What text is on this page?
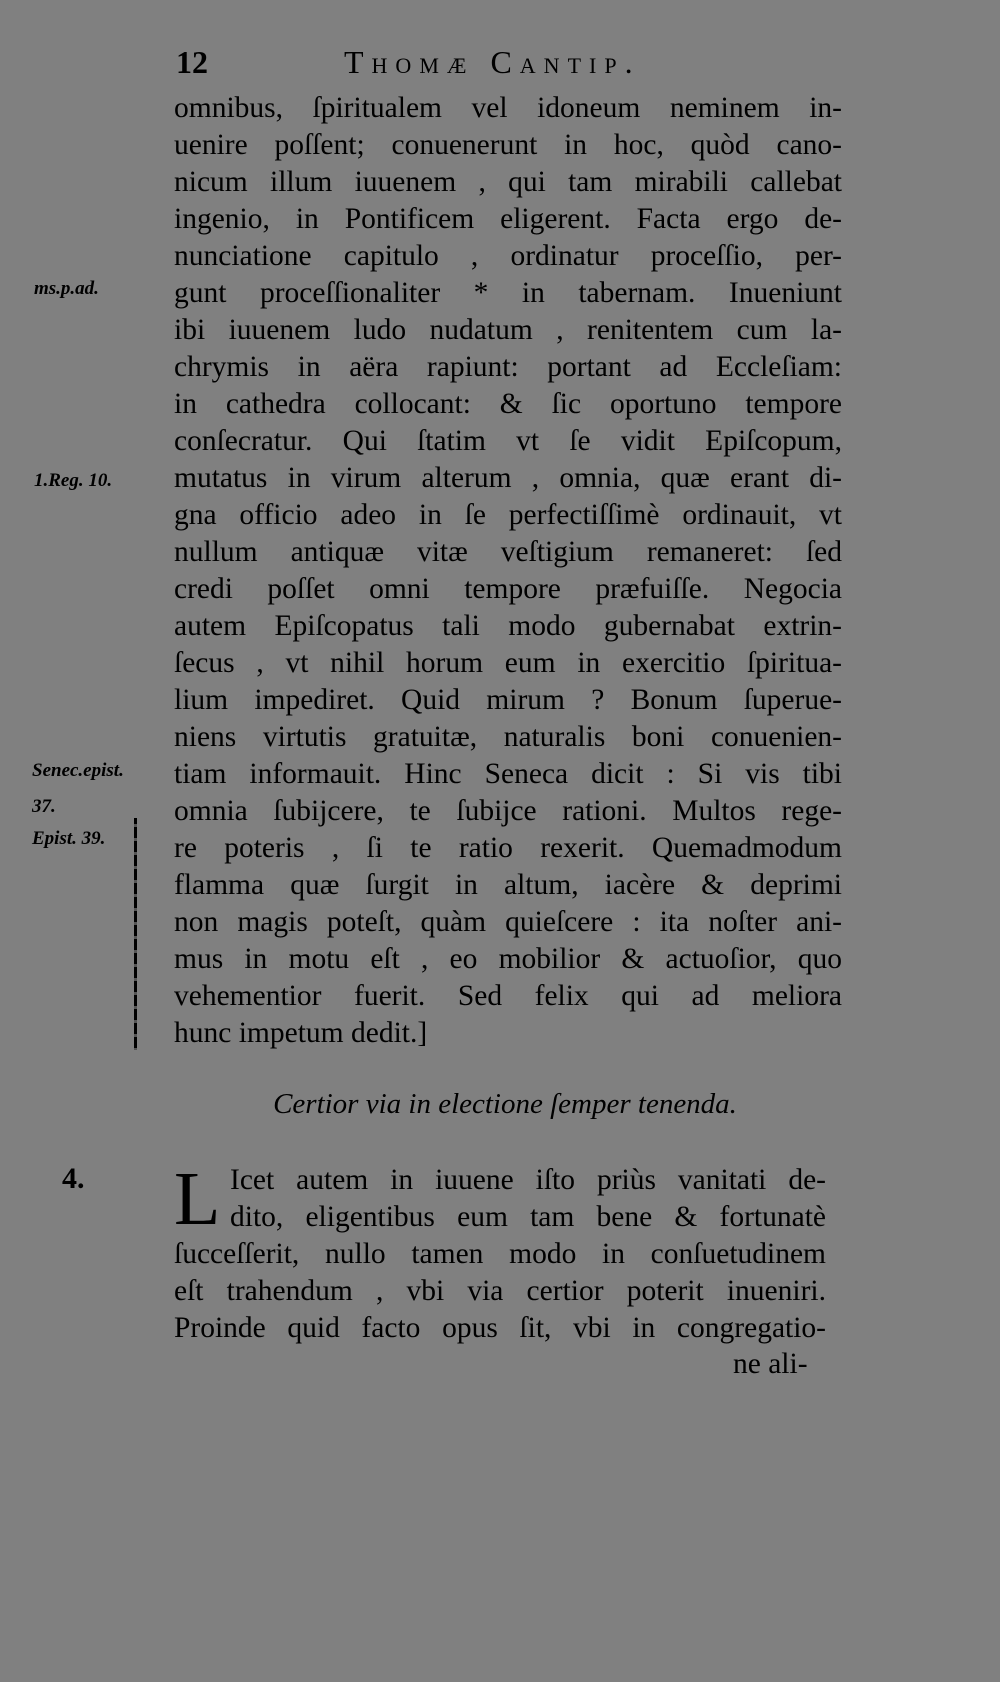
12	Thomæ Cantip.
ms.p.ad.
1.Reg. 10.
Senec.epist.
37.
Epist. 39.
omnibus, ſpiritualem vel idoneum neminem in-
uenire poſſent; conuenerunt in hoc, quòd cano-
nicum illum iuuenem , qui tam mirabili callebat
ingenio, in Pontificem eligerent. Facta ergo de-
nunciatione capitulo , ordinatur proceſſio, per-
gunt proceſſionaliter * in tabernam. Inueniunt
ibi iuuenem ludo nudatum , renitentem cum la-
chrymis in aëra rapiunt: portant ad Eccleſiam:
in cathedra collocant: & ſic oportuno tempore
conſecratur. Qui ſtatim vt ſe vidit Epiſcopum,
mutatus in virum alterum , omnia, quæ erant di-
gna officio adeo in ſe perfectiſſimè ordinauit, vt
nullum antiquæ vitæ veſtigium remaneret: ſed
credi poſſet omni tempore præfuiſſe. Negocia
autem Epiſcopatus tali modo gubernabat extrin-
ſecus , vt nihil horum eum in exercitio ſpiritua-
lium impediret. Quid mirum ? Bonum ſuperue-
niens virtutis gratuitæ, naturalis boni conuenien-
tiam informauit. Hinc Seneca dicit : Si vis tibi
omnia ſubijcere, te ſubijce rationi. Multos rege-
re poteris , ſi te ratio rexerit. Quemadmodum
flamma quæ ſurgit in altum, iacère & deprimi
non magis poteſt, quàm quieſcere : ita noſter ani-
mus in motu eſt , eo mobilior & actuoſior, quo
vehementior fuerit. Sed felix qui ad meliora
hunc impetum dedit.]
Certior via in electione ſemper tenenda.
4. L Icet autem in iuuene iſto priùs vanitati de-
dito, eligentibus eum tam bene & fortunatè
ſucceſſerit, nullo tamen modo in conſuetudinem
eſt trahendum , vbi via certior poterit inueniri.
Proinde quid facto opus ſit, vbi in congregatio-
ne ali-
